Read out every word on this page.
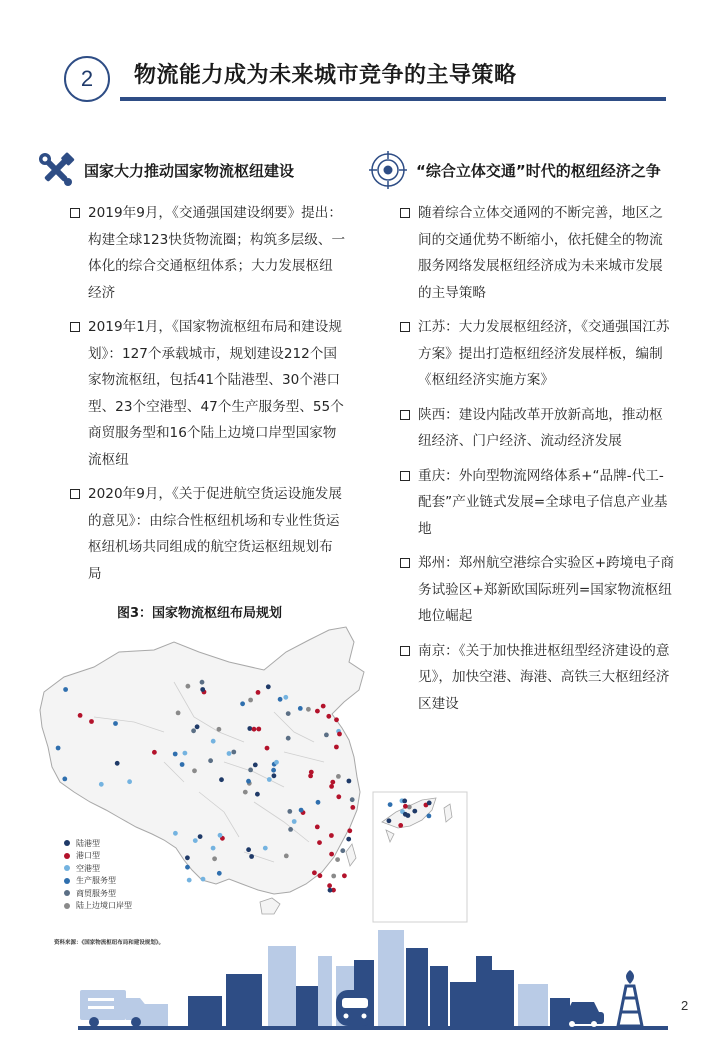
2	物流能力成为未来城市竞争的主导策略
国家大力推动国家物流枢纽建设	“综合立体交通”时代的枢纽经济之争
2019年9月，《交通强国建设纲要》提出：构建全球123快货物流圈；构筑多层级、一体化的综合交通枢纽体系；大力发展枢纽经济
2019年1月，《国家物流枢纽布局和建设规划》：127个承载城市，规划建设212个国家物流枢纽，包括41个陆港型、30个港口型、23个空港型、47个生产服务型、55个商贸服务型和16个陆上边境口岸型国家物流枢纽
2020年9月，《关于促进航空货运设施发展的意见》：由综合性枢纽机场和专业性货运枢纽机场共同组成的航空货运枢纽规划布局
随着综合立体交通网的不断完善，地区之间的交通优势不断缩小，依托健全的物流服务网络发展枢纽经济成为未来城市发展的主导策略
江苏：大力发展枢纽经济，《交通强国江苏方案》提出打造枢纽经济发展样板，编制《枢纽经济实施方案》
陕西：建设内陆改革开放新高地，推动枢纽经济、门户经济、流动经济发展
重庆：外向型物流网络体系+“品牌-代工-配套”产业链式发展=全球电子信息产业基地
郑州：郑州航空港综合实验区+跨境电子商务试验区+郑新欧国际班列=国家物流枢纽地位崛起
南京：《关于加快推进枢纽型经济建设的意见》，加快空港、海港、高铁三大枢纽经济区建设
图3：国家物流枢纽布局规划
陆港型
港口型
空港型
生产服务型
商贸服务型
陆上边境口岸型
资料来源：《国家物流枢纽布局和建设规划》。
2
